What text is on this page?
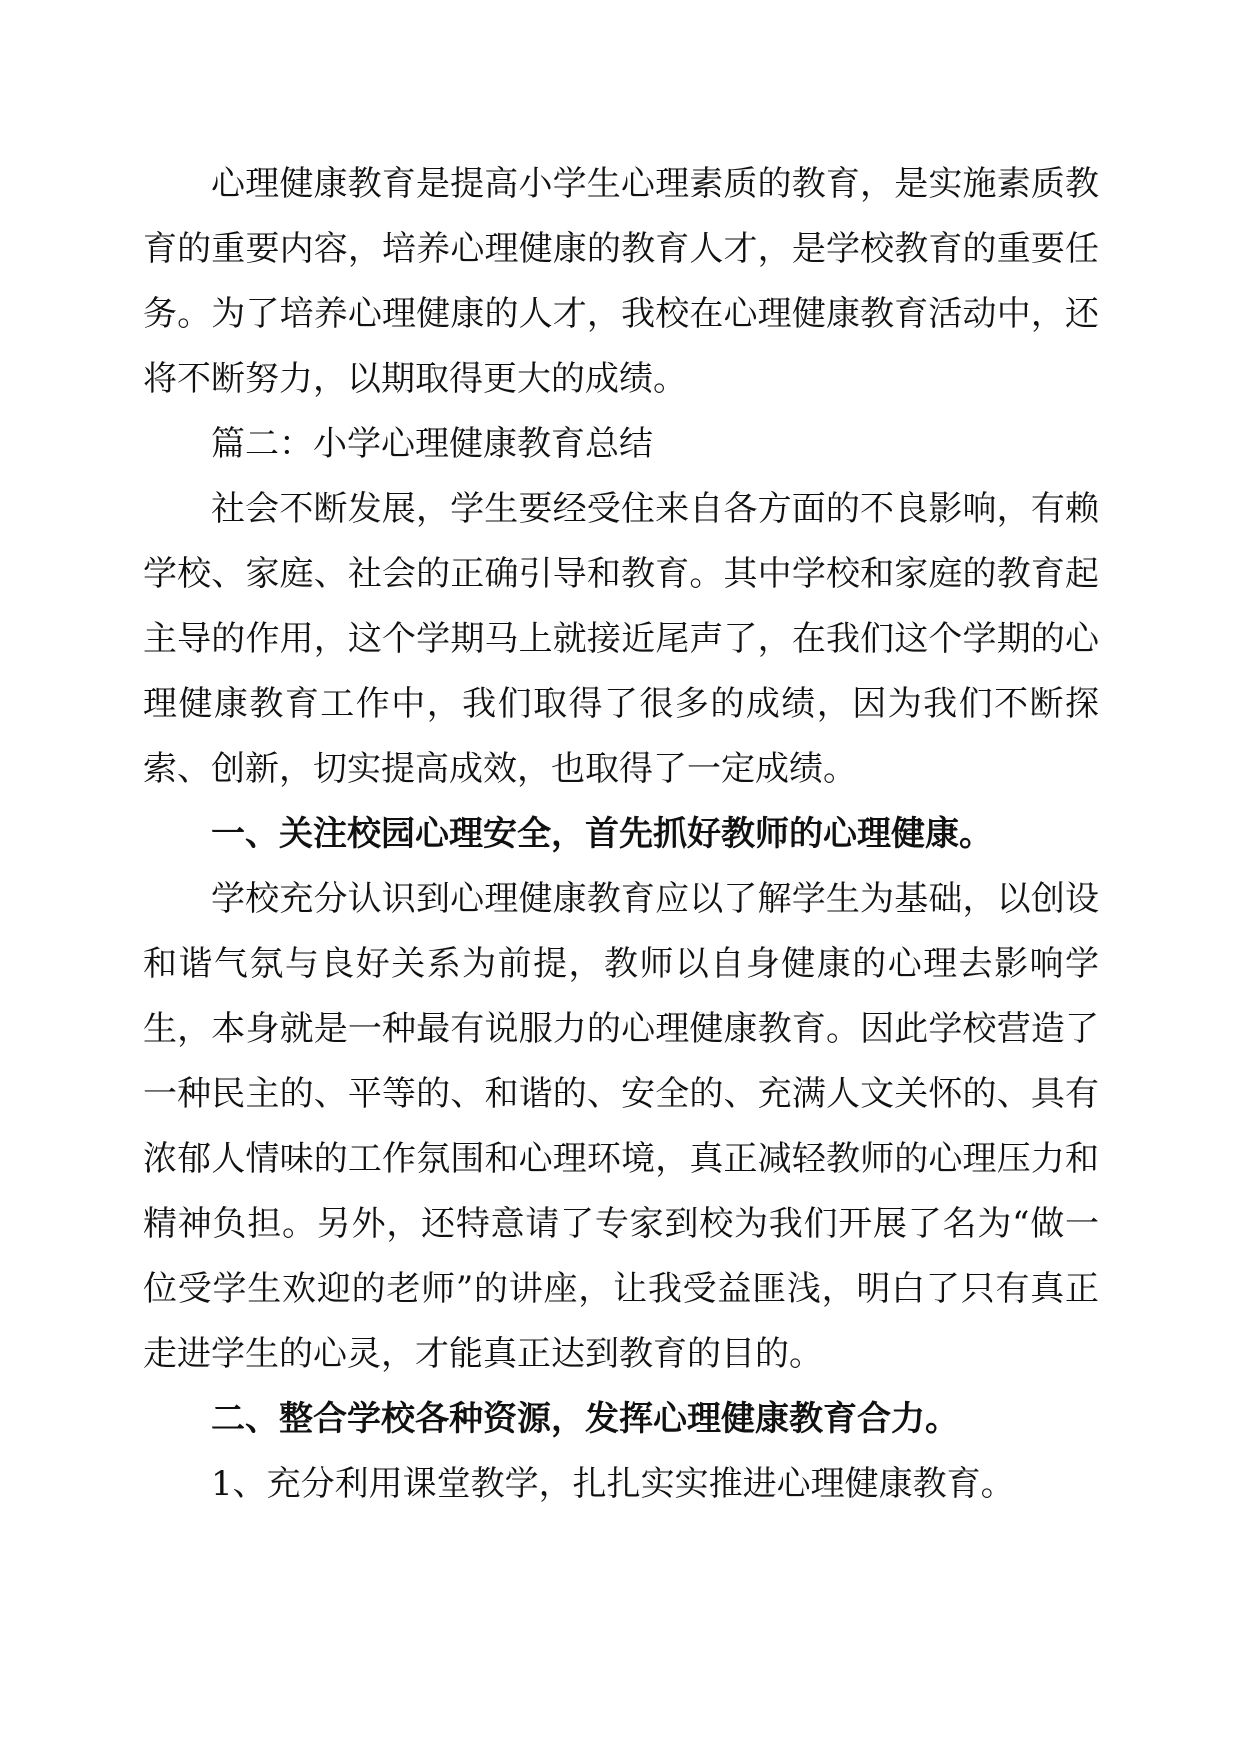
心理健康教育是提高小学生心理素质的教育，是实施素质教育的重要内容，培养心理健康的教育人才，是学校教育的重要任务。为了培养心理健康的人才，我校在心理健康教育活动中，还将不断努力，以期取得更大的成绩。

篇二：小学心理健康教育总结

社会不断发展，学生要经受住来自各方面的不良影响，有赖学校、家庭、社会的正确引导和教育。其中学校和家庭的教育起主导的作用，这个学期马上就接近尾声了，在我们这个学期的心理健康教育工作中，我们取得了很多的成绩，因为我们不断探索、创新，切实提高成效，也取得了一定成绩。

一、关注校园心理安全，首先抓好教师的心理健康。

学校充分认识到心理健康教育应以了解学生为基础，以创设和谐气氛与良好关系为前提，教师以自身健康的心理去影响学生，本身就是一种最有说服力的心理健康教育。因此学校营造了一种民主的、平等的、和谐的、安全的、充满人文关怀的、具有浓郁人情味的工作氛围和心理环境，真正减轻教师的心理压力和精神负担。另外，还特意请了专家到校为我们开展了名为“做一位受学生欢迎的老师”的讲座，让我受益匪浅，明白了只有真正走进学生的心灵，才能真正达到教育的目的。

二、整合学校各种资源，发挥心理健康教育合力。

1、充分利用课堂教学，扎扎实实推进心理健康教育。
